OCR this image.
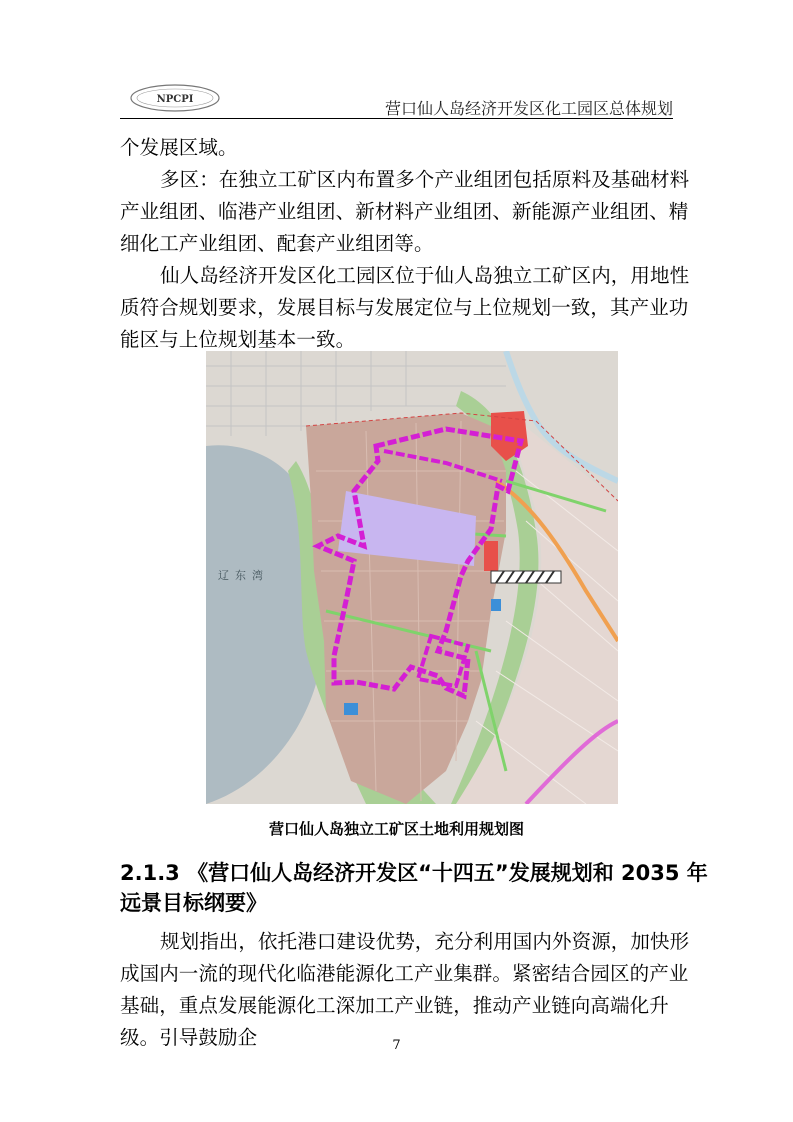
NPCPI	营口仙人岛经济开发区化工园区总体规划

个发展区域。

多区：在独立工矿区内布置多个产业组团包括原料及基础材料产业组团、临港产业组团、新材料产业组团、新能源产业组团、精细化工产业组团、配套产业组团等。

仙人岛经济开发区化工园区位于仙人岛独立工矿区内，用地性质符合规划要求，发展目标与发展定位与上位规划一致，其产业功能区与上位规划基本一致。

辽东湾
营口仙人岛独立工矿区土地利用规划图
2.1.3 《营口仙人岛经济开发区“十四五”发展规划和 2035 年远景目标纲要》

规划指出，依托港口建设优势，充分利用国内外资源，加快形成国内一流的现代化临港能源化工产业集群。紧密结合园区的产业基础，重点发展能源化工深加工产业链，推动产业链向高端化升级。引导鼓励企	7
